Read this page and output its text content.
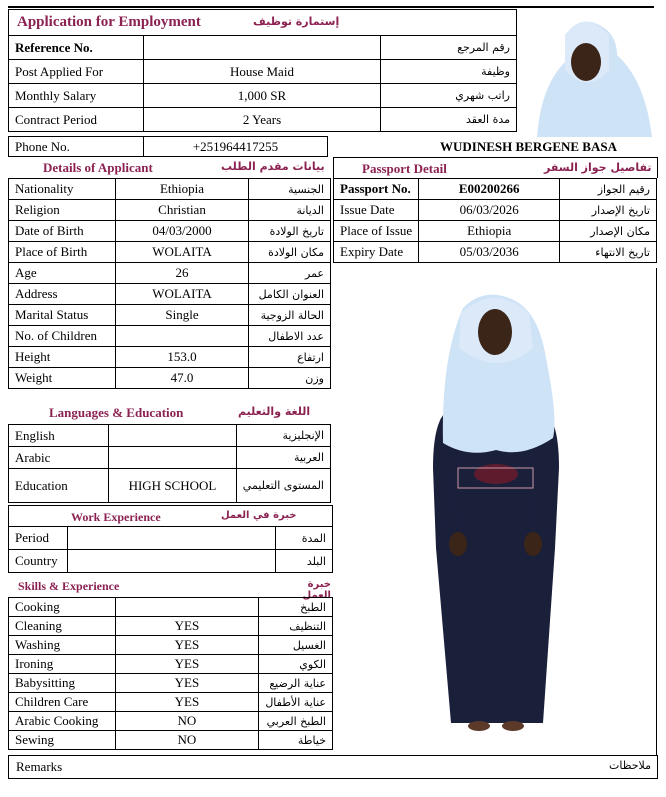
Application for Employment	إستمارة توظيف
Reference No.		رقم المرجع
Post Applied For	House Maid	وظيفة
Monthly Salary	1,000 SR	راتب شهري
Contract Period	2 Years	مدة العقد
Phone No.	+251964417255	WUDINESH BERGENE BASA
Details of Applicant	بيانات مقدم الطلب
Nationality	Ethiopia	الجنسية
Religion	Christian	الديانة
Date of Birth	04/03/2000	تاريخ الولادة
Place of Birth	WOLAITA	مكان الولادة
Age	26	عمر
Address	WOLAITA	العنوان الكامل
Marital Status	Single	الحالة الزوجية
No. of Children		عدد الاطفال
Height	153.0	ارتفاع
Weight	47.0	وزن
Passport Detail	تفاصيل جواز السفر
Passport No.	E00200266	رقيم الجواز
Issue Date	06/03/2026	تاريخ الإصدار
Place of Issue	Ethiopia	مكان الإصدار
Expiry Date	05/03/2036	تاريخ الانتهاء
Languages & Education	اللغة والتعليم
English		الإنجليزية
Arabic		العربية
Education	HIGH SCHOOL	المستوى التعليمي
Work Experience	خبرة في العمل
Period		المدة
Country		البلد
Skills & Experience	خبرة العمل
Cooking		الطبخ
Cleaning	YES	التنظيف
Washing	YES	الغسيل
Ironing	YES	الكوي
Babysitting	YES	عناية الرضيع
Children Care	YES	عناية الأطفال
Arabic Cooking	NO	الطبخ العربي
Sewing	NO	خياطة
Remarks	ملاحظات
